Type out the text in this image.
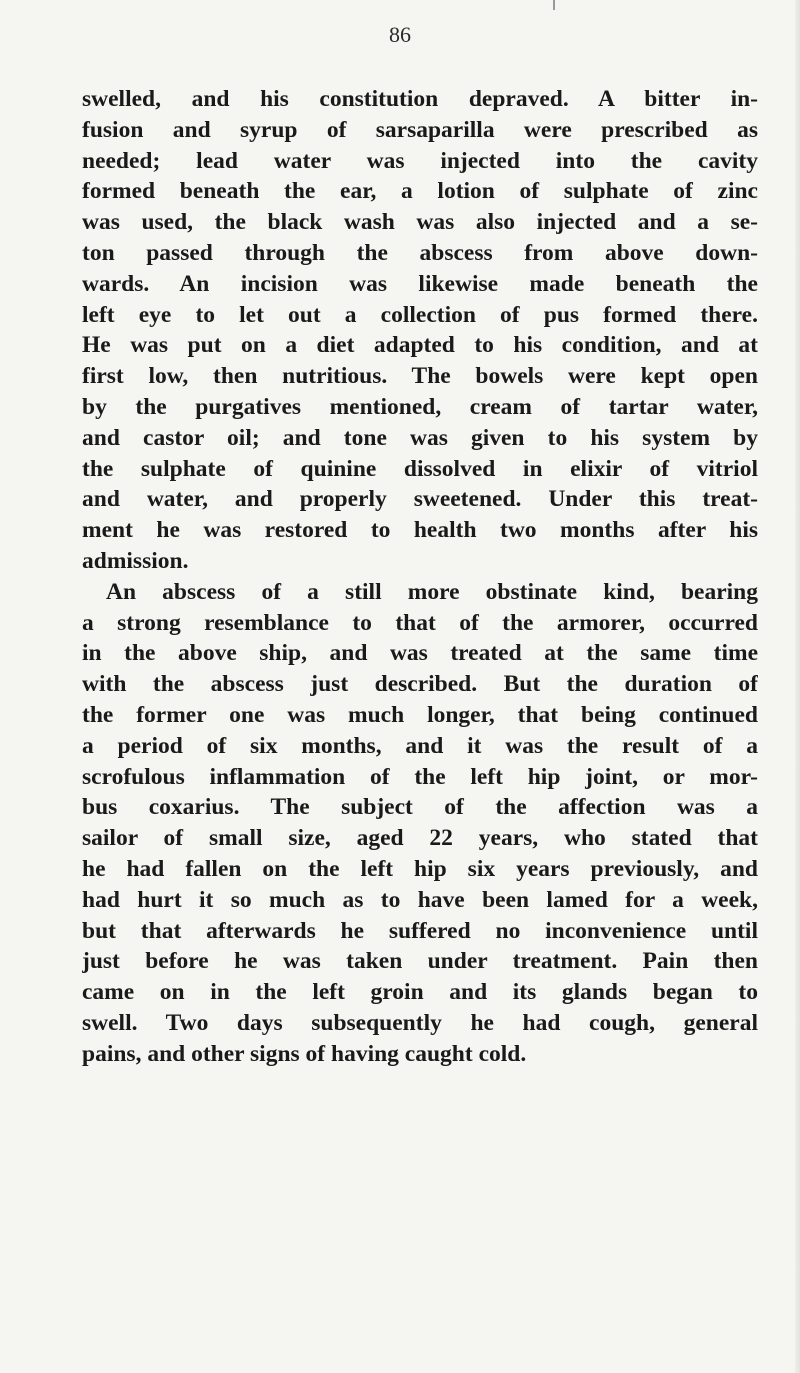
86
swelled, and his constitution depraved. A bitter in-
fusion and syrup of sarsaparilla were prescribed as
needed; lead water was injected into the cavity
formed beneath the ear, a lotion of sulphate of zinc
was used, the black wash was also injected and a se-
ton passed through the abscess from above down-
wards. An incision was likewise made beneath the
left eye to let out a collection of pus formed there.
He was put on a diet adapted to his condition, and at
first low, then nutritious. The bowels were kept open
by the purgatives mentioned, cream of tartar water,
and castor oil; and tone was given to his system by
the sulphate of quinine dissolved in elixir of vitriol
and water, and properly sweetened. Under this treat-
ment he was restored to health two months after his
admission.
An abscess of a still more obstinate kind, bearing
a strong resemblance to that of the armorer, occurred
in the above ship, and was treated at the same time
with the abscess just described. But the duration of
the former one was much longer, that being continued
a period of six months, and it was the result of a
scrofulous inflammation of the left hip joint, or mor-
bus coxarius. The subject of the affection was a
sailor of small size, aged 22 years, who stated that
he had fallen on the left hip six years previously, and
had hurt it so much as to have been lamed for a week,
but that afterwards he suffered no inconvenience until
just before he was taken under treatment. Pain then
came on in the left groin and its glands began to
swell. Two days subsequently he had cough, general
pains, and other signs of having caught cold.
